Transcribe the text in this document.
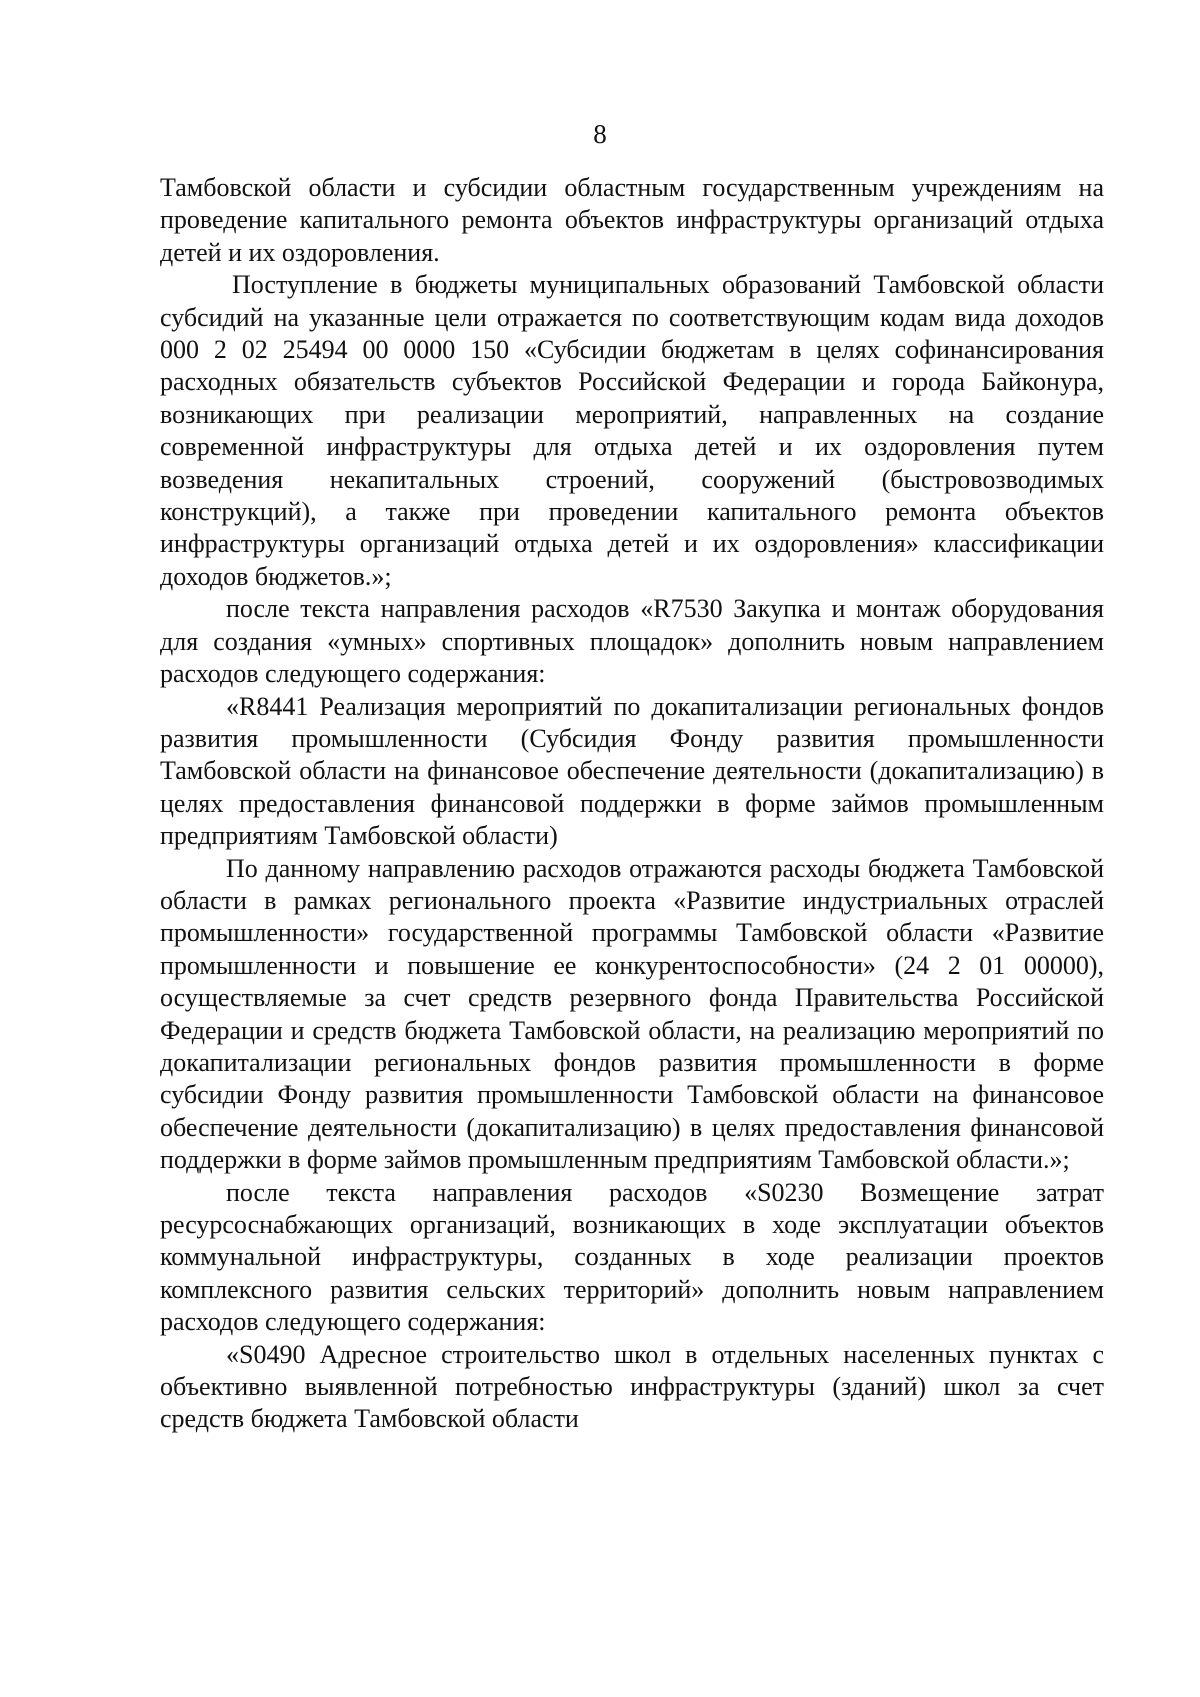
8

Тамбовской области и субсидии областным государственным учреждениям на проведение капитального ремонта объектов инфраструктуры организаций отдыха детей и их оздоровления.

Поступление в бюджеты муниципальных образований Тамбовской области субсидий на указанные цели отражается по соответствующим кодам вида доходов 000 2 02 25494 00 0000 150 «Субсидии бюджетам в целях софинансирования расходных обязательств субъектов Российской Федерации и города Байконура, возникающих при реализации мероприятий, направленных на создание современной инфраструктуры для отдыха детей и их оздоровления путем возведения некапитальных строений, сооружений (быстровозводимых конструкций), а также при проведении капитального ремонта объектов инфраструктуры организаций отдыха детей и их оздоровления» классификации доходов бюджетов.»;

после текста направления расходов «R7530 Закупка и монтаж оборудования для создания «умных» спортивных площадок» дополнить новым направлением расходов следующего содержания:

«R8441 Реализация мероприятий по докапитализации региональных фондов развития промышленности (Субсидия Фонду развития промышленности Тамбовской области на финансовое обеспечение деятельности (докапитализацию) в целях предоставления финансовой поддержки в форме займов промышленным предприятиям Тамбовской области)

По данному направлению расходов отражаются расходы бюджета Тамбовской области в рамках регионального проекта «Развитие индустриальных отраслей промышленности» государственной программы Тамбовской области «Развитие промышленности и повышение ее конкурентоспособности» (24 2 01 00000), осуществляемые за счет средств резервного фонда Правительства Российской Федерации и средств бюджета Тамбовской области, на реализацию мероприятий по докапитализации региональных фондов развития промышленности в форме субсидии Фонду развития промышленности Тамбовской области на финансовое обеспечение деятельности (докапитализацию) в целях предоставления финансовой поддержки в форме займов промышленным предприятиям Тамбовской области.»;

после текста направления расходов «S0230 Возмещение затрат ресурсоснабжающих организаций, возникающих в ходе эксплуатации объектов коммунальной инфраструктуры, созданных в ходе реализации проектов комплексного развития сельских территорий» дополнить новым направлением расходов следующего содержания:

«S0490 Адресное строительство школ в отдельных населенных пунктах с объективно выявленной потребностью инфраструктуры (зданий) школ за счет средств бюджета Тамбовской области
